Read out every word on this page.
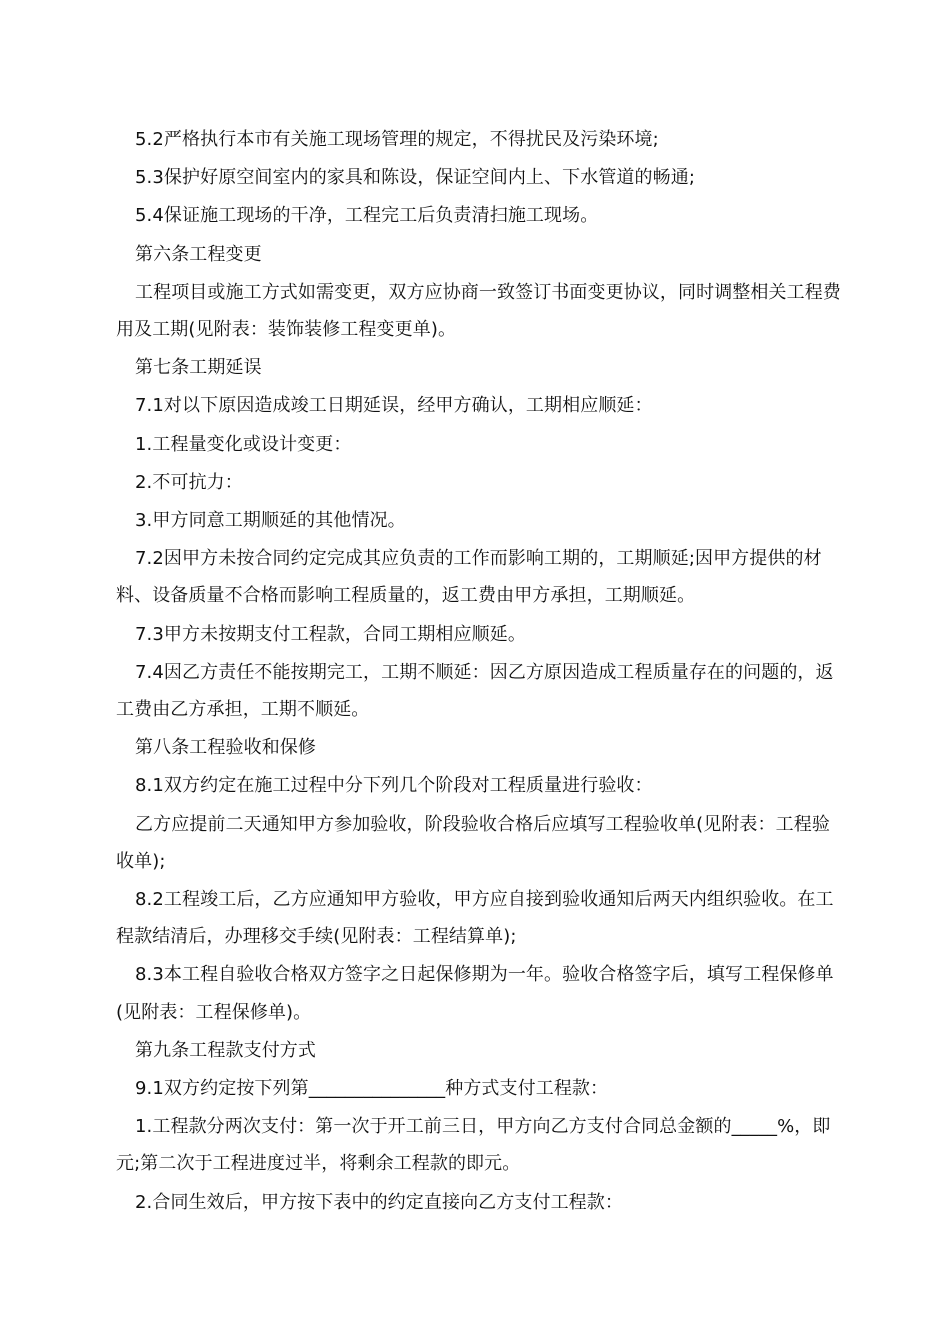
5.2严格执行本市有关施工现场管理的规定，不得扰民及污染环境;

5.3保护好原空间室内的家具和陈设，保证空间内上、下水管道的畅通;

5.4保证施工现场的干净，工程完工后负责清扫施工现场。

第六条工程变更

工程项目或施工方式如需变更，双方应协商一致签订书面变更协议，同时调整相关工程费用及工期(见附表：装饰装修工程变更单)。

第七条工期延误

7.1对以下原因造成竣工日期延误，经甲方确认，工期相应顺延：

1.工程量变化或设计变更：

2.不可抗力：

3.甲方同意工期顺延的其他情况。

7.2因甲方未按合同约定完成其应负责的工作而影响工期的，工期顺延;因甲方提供的材料、设备质量不合格而影响工程质量的，返工费由甲方承担，工期顺延。

7.3甲方未按期支付工程款，合同工期相应顺延。

7.4因乙方责任不能按期完工，工期不顺延：因乙方原因造成工程质量存在的问题的，返工费由乙方承担，工期不顺延。

第八条工程验收和保修

8.1双方约定在施工过程中分下列几个阶段对工程质量进行验收：

乙方应提前二天通知甲方参加验收，阶段验收合格后应填写工程验收单(见附表：工程验收单);

8.2工程竣工后，乙方应通知甲方验收，甲方应自接到验收通知后两天内组织验收。在工程款结清后，办理移交手续(见附表：工程结算单);

8.3本工程自验收合格双方签字之日起保修期为一年。验收合格签字后，填写工程保修单(见附表：工程保修单)。

第九条工程款支付方式

9.1双方约定按下列第_______________种方式支付工程款：

1.工程款分两次支付：第一次于开工前三日，甲方向乙方支付合同总金额的_____%，即元;第二次于工程进度过半，将剩余工程款的即元。

2.合同生效后，甲方按下表中的约定直接向乙方支付工程款：
